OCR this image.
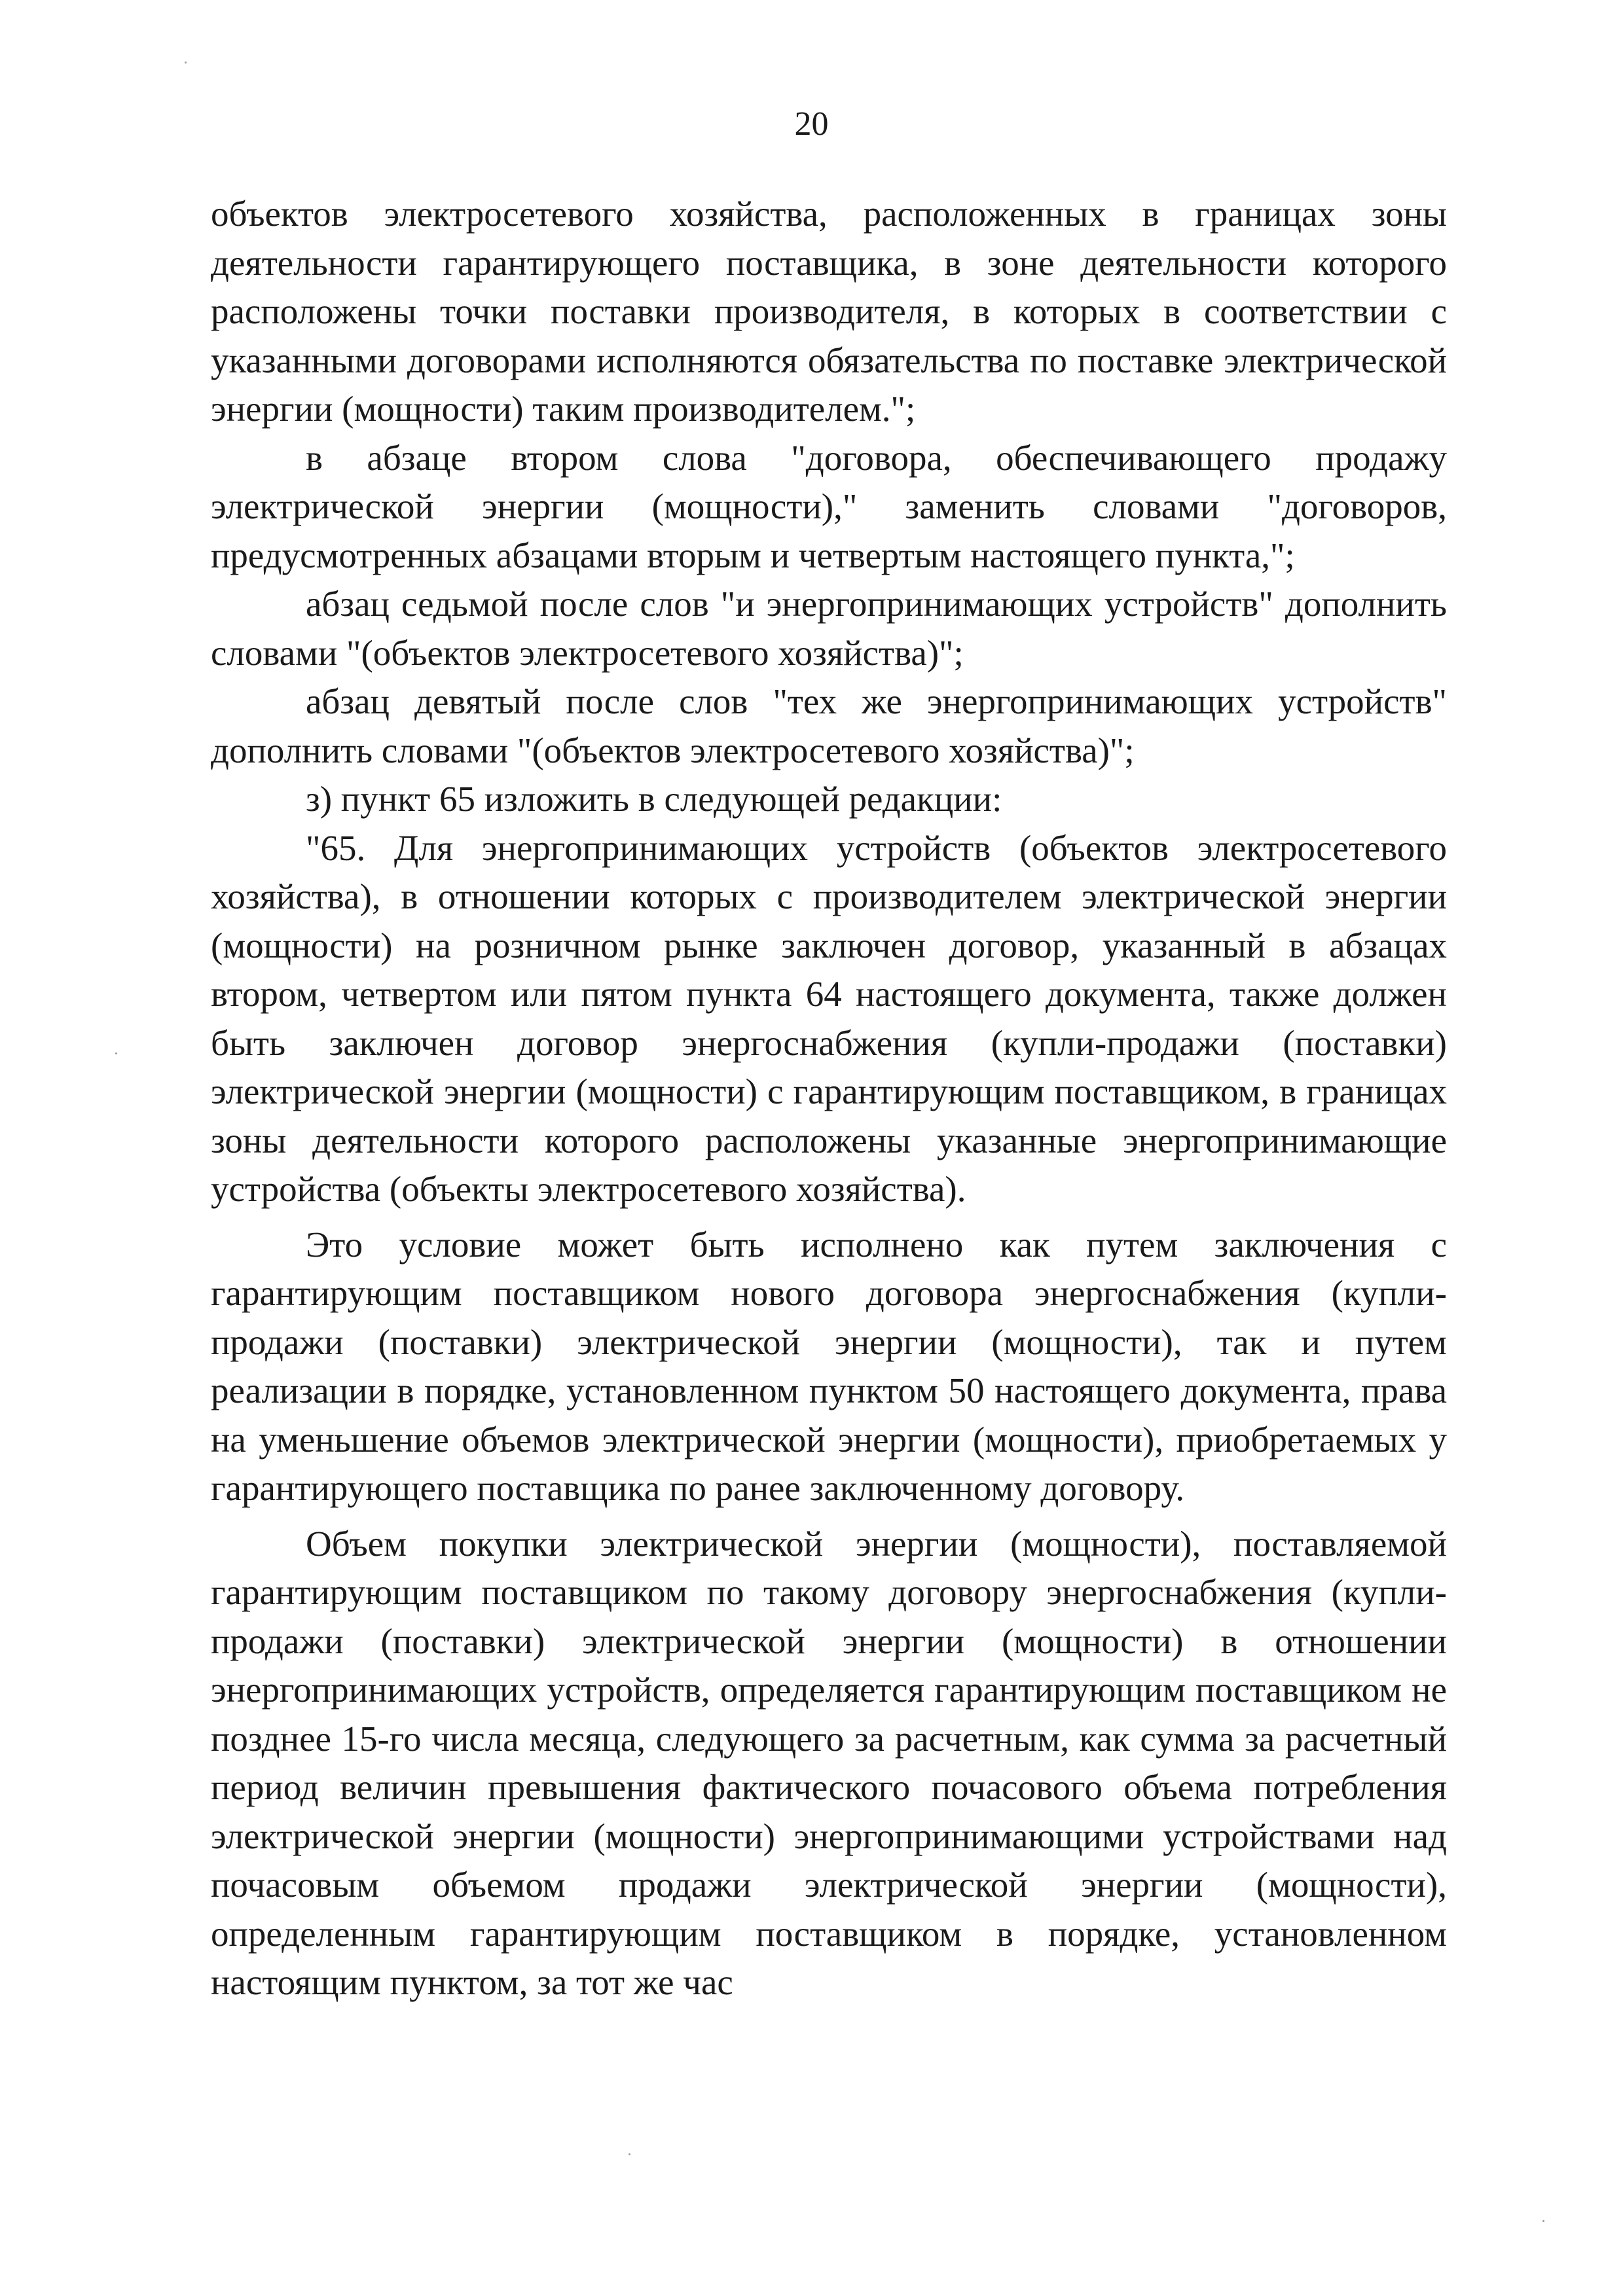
20

объектов электросетевого хозяйства, расположенных в границах зоны деятельности гарантирующего поставщика, в зоне деятельности которого расположены точки поставки производителя, в которых в соответствии с указанными договорами исполняются обязательства по поставке электрической энергии (мощности) таким производителем.";

в абзаце втором слова "договора, обеспечивающего продажу электрической энергии (мощности)," заменить словами "договоров, предусмотренных абзацами вторым и четвертым настоящего пункта,";

абзац седьмой после слов "и энергопринимающих устройств" дополнить словами "(объектов электросетевого хозяйства)";

абзац девятый после слов "тех же энергопринимающих устройств" дополнить словами "(объектов электросетевого хозяйства)";

з) пункт 65 изложить в следующей редакции:

"65. Для энергопринимающих устройств (объектов электросетевого хозяйства), в отношении которых с производителем электрической энергии (мощности) на розничном рынке заключен договор, указанный в абзацах втором, четвертом или пятом пункта 64 настоящего документа, также должен быть заключен договор энергоснабжения (купли-продажи (поставки) электрической энергии (мощности) с гарантирующим поставщиком, в границах зоны деятельности которого расположены указанные энергопринимающие устройства (объекты электросетевого хозяйства).

Это условие может быть исполнено как путем заключения с гарантирующим поставщиком нового договора энергоснабжения (купли-продажи (поставки) электрической энергии (мощности), так и путем реализации в порядке, установленном пунктом 50 настоящего документа, права на уменьшение объемов электрической энергии (мощности), приобретаемых у гарантирующего поставщика по ранее заключенному договору.

Объем покупки электрической энергии (мощности), поставляемой гарантирующим поставщиком по такому договору энергоснабжения (купли-продажи (поставки) электрической энергии (мощности) в отношении энергопринимающих устройств, определяется гарантирующим поставщиком не позднее 15-го числа месяца, следующего за расчетным, как сумма за расчетный период величин превышения фактического почасового объема потребления электрической энергии (мощности) энергопринимающими устройствами над почасовым объемом продажи электрической энергии (мощности), определенным гарантирующим поставщиком в порядке, установленном настоящим пунктом, за тот же час
